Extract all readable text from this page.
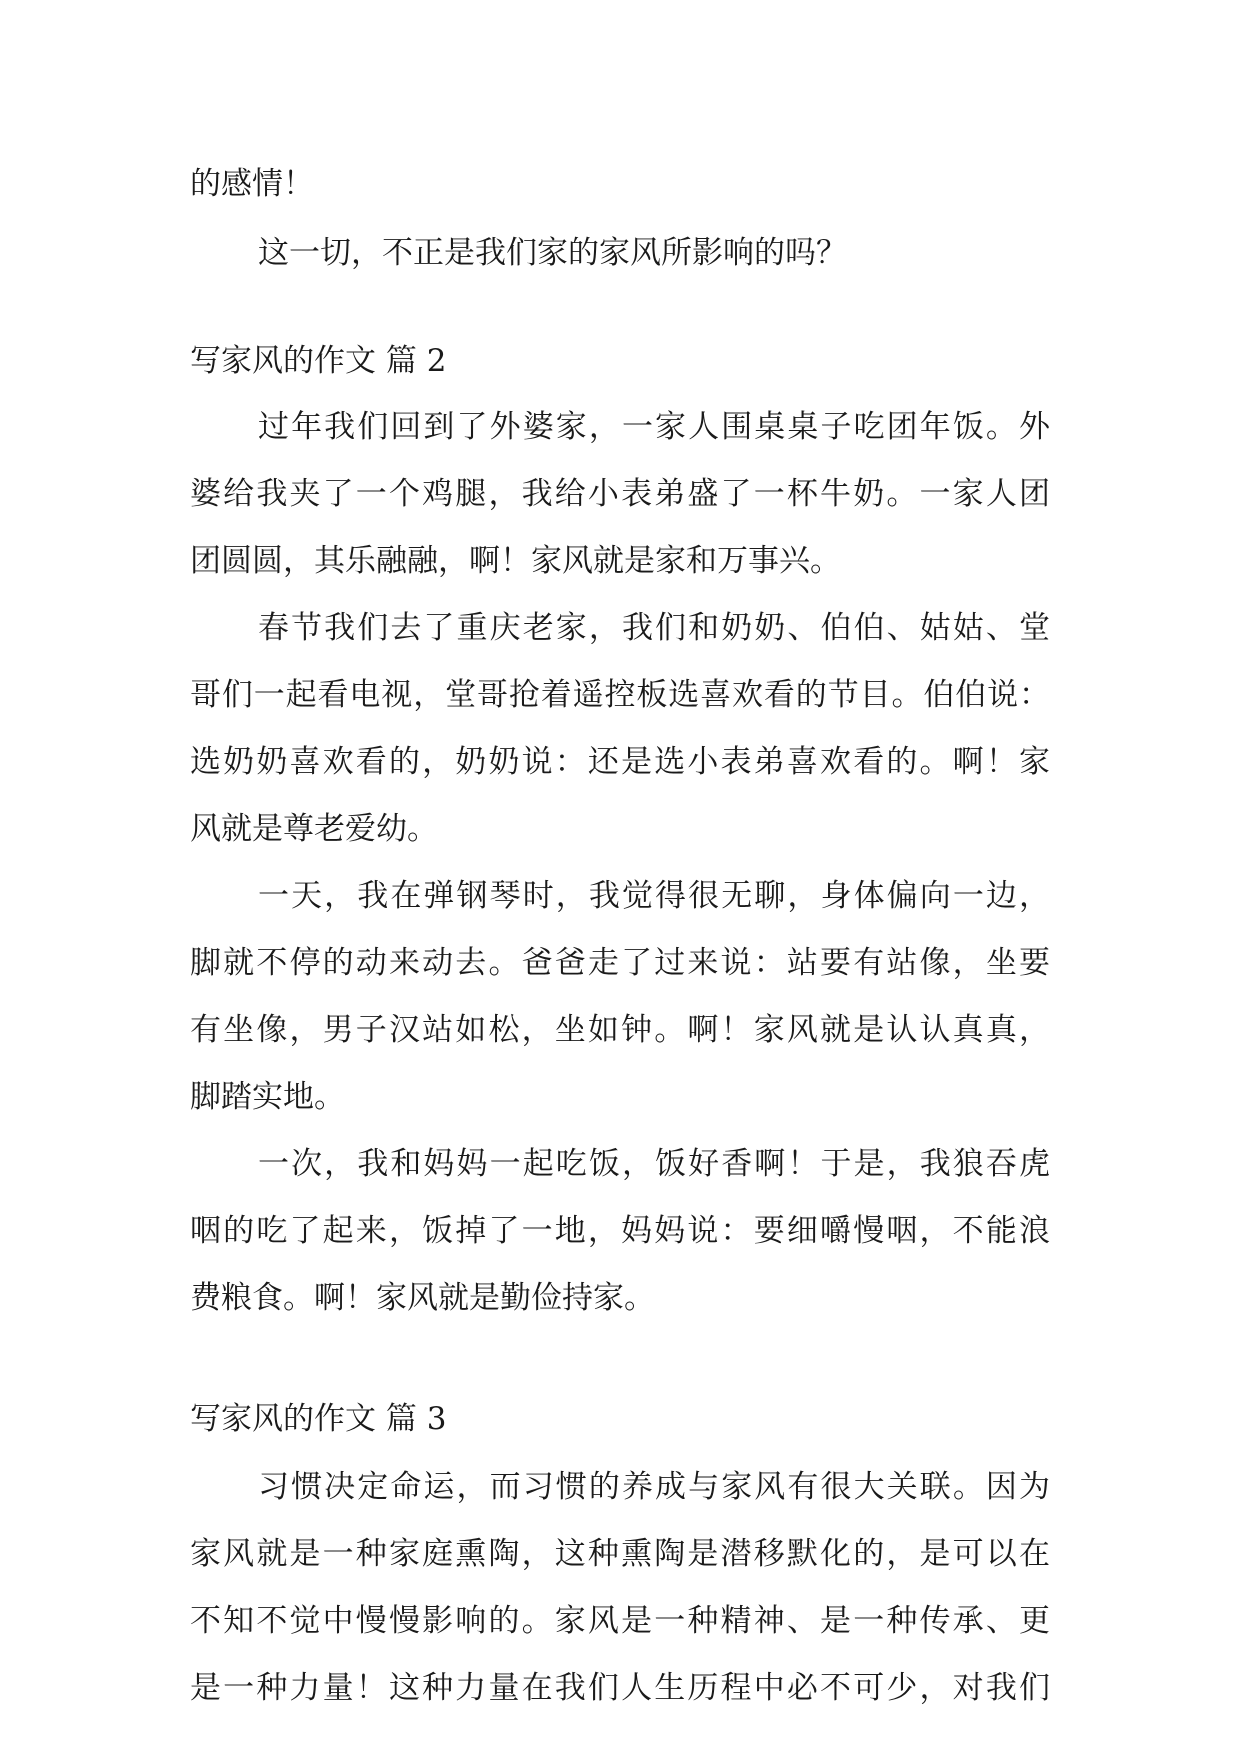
的感情！

这一切，不正是我们家的家风所影响的吗？

写家风的作文 篇 2

过年我们回到了外婆家，一家人围桌桌子吃团年饭。外

婆给我夹了一个鸡腿，我给小表弟盛了一杯牛奶。一家人团

团圆圆，其乐融融，啊！家风就是家和万事兴。

春节我们去了重庆老家，我们和奶奶、伯伯、姑姑、堂

哥们一起看电视，堂哥抢着遥控板选喜欢看的节目。伯伯说：

选奶奶喜欢看的，奶奶说：还是选小表弟喜欢看的。啊！家

风就是尊老爱幼。

一天，我在弹钢琴时，我觉得很无聊，身体偏向一边，

脚就不停的动来动去。爸爸走了过来说：站要有站像，坐要

有坐像，男子汉站如松，坐如钟。啊！家风就是认认真真，

脚踏实地。

一次，我和妈妈一起吃饭，饭好香啊！于是，我狼吞虎

咽的吃了起来，饭掉了一地，妈妈说：要细嚼慢咽，不能浪

费粮食。啊！家风就是勤俭持家。

写家风的作文 篇 3

习惯决定命运，而习惯的养成与家风有很大关联。因为

家风就是一种家庭熏陶，这种熏陶是潜移默化的，是可以在

不知不觉中慢慢影响的。家风是一种精神、是一种传承、更

是一种力量！这种力量在我们人生历程中必不可少，对我们
